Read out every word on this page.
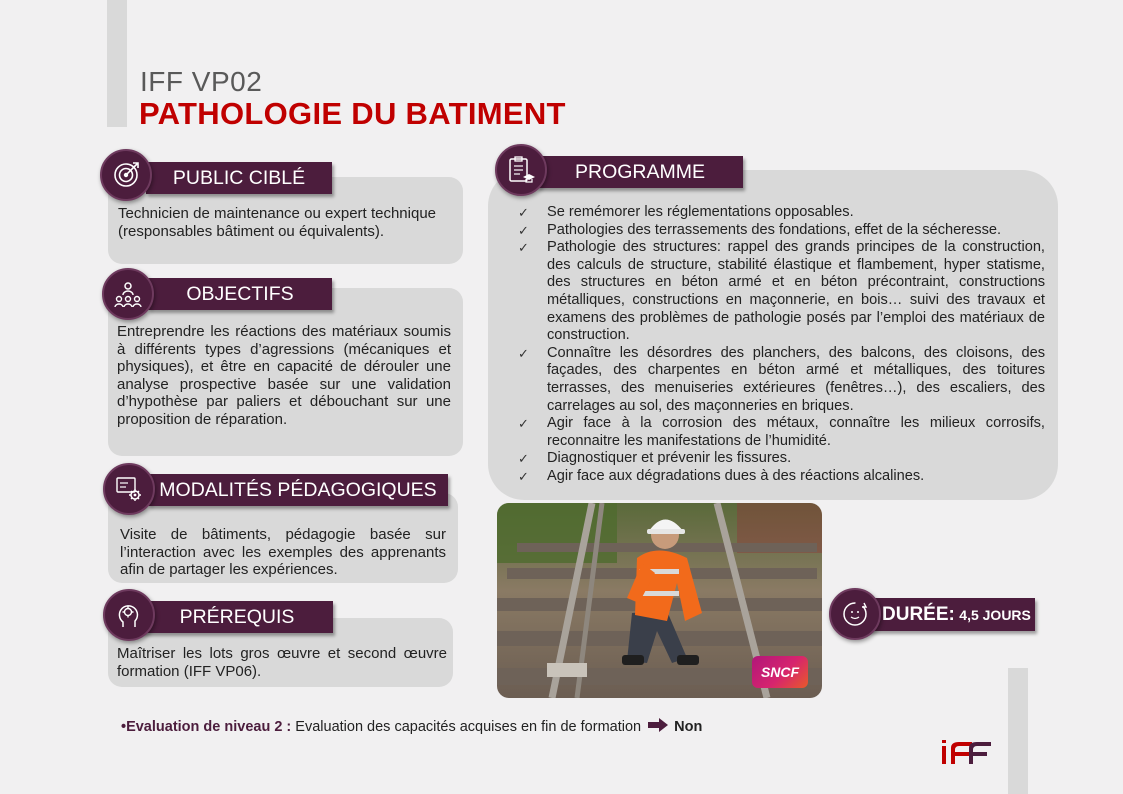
IFF VP02
PATHOLOGIE DU BATIMENT
Technicien de maintenance ou expert technique (responsables bâtiment ou équivalents).
PUBLIC CIBLÉ
Entreprendre les réactions des matériaux soumis à différents types d’agressions (mécaniques et physiques), et être en capacité de dérouler une analyse prospective basée sur une validation d’hypothèse par paliers et débouchant sur une proposition de réparation.
OBJECTIFS
Visite de bâtiments, pédagogie basée sur l’interaction avec les exemples des apprenants afin de partager les expériences.
MODALITÉS PÉDAGOGIQUES
Maîtriser les lots gros œuvre et second œuvre formation (IFF VP06).
PRÉREQUIS
✓ Se remémorer les réglementations opposables.
✓ Pathologies des terrassements des fondations, effet de la sécheresse.
✓ Pathologie des structures: rappel des grands principes de la construction, des calculs de structure, stabilité élastique et flambement, hyper statisme, des structures en béton armé et en béton précontraint, constructions métalliques, constructions en maçonnerie, en bois… suivi des travaux et examens des problèmes de pathologie posés par l’emploi des matériaux de construction.
✓ Connaître les désordres des planchers, des balcons, des cloisons, des façades, des charpentes en béton armé et métalliques, des toitures terrasses, des menuiseries extérieures (fenêtres…), des escaliers, des carrelages au sol, des maçonneries en briques.
✓ Agir face à la corrosion des métaux, connaître les milieux corrosifs, reconnaitre les manifestations de l’humidité.
✓ Diagnostiquer et prévenir les fissures.
✓ Agir face aux dégradations dues à des réactions alcalines.
PROGRAMME
SNCF
DURÉE: 4,5 JOURS
•Evaluation de niveau 2 : Evaluation des capacités acquises en fin de formation Non
